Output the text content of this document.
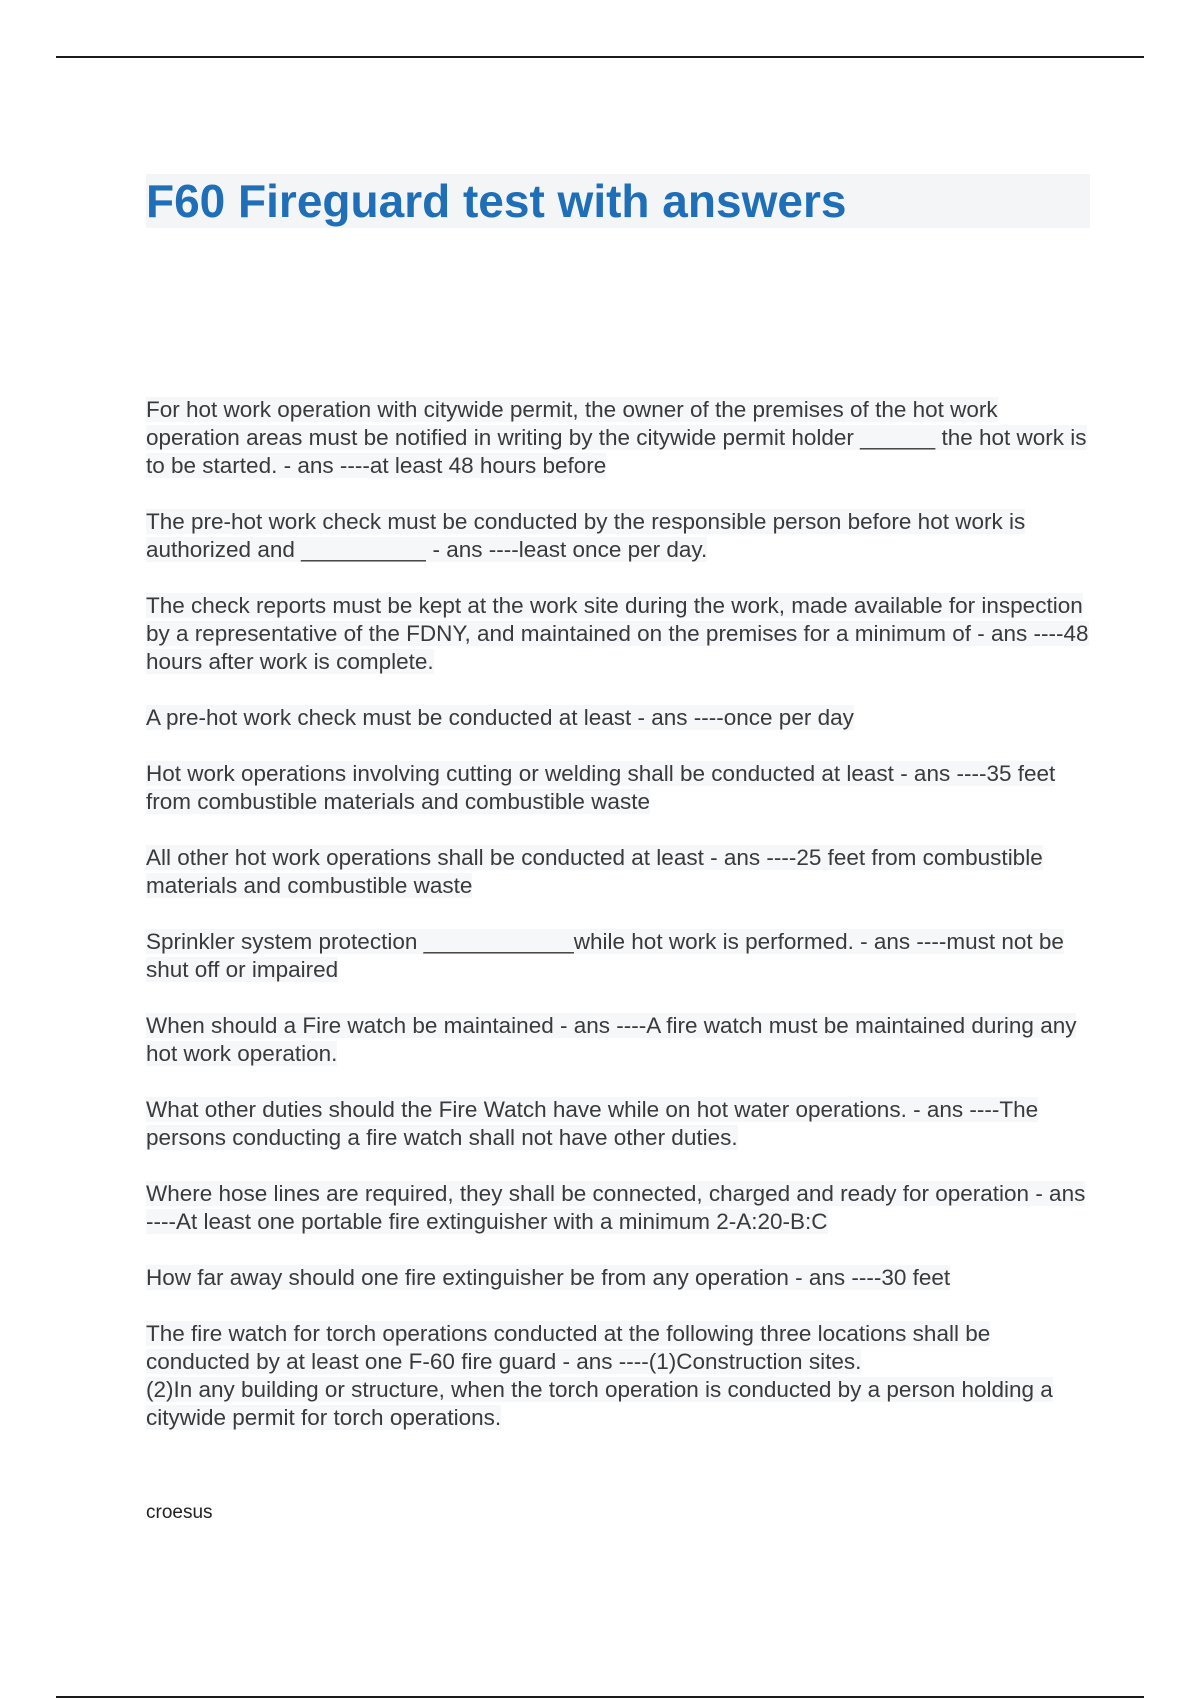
F60 Fireguard test with answers

For hot work operation with citywide permit, the owner of the premises of the hot work operation areas must be notified in writing by the citywide permit holder ______ the hot work is to be started. - ans ----at least 48 hours before

The pre-hot work check must be conducted by the responsible person before hot work is authorized and __________ - ans ----least once per day.

The check reports must be kept at the work site during the work, made available for inspection by a representative of the FDNY, and maintained on the premises for a minimum of - ans ----48 hours after work is complete.

A pre-hot work check must be conducted at least - ans ----once per day

Hot work operations involving cutting or welding shall be conducted at least - ans ----35 feet from combustible materials and combustible waste

All other hot work operations shall be conducted at least - ans ----25 feet from combustible materials and combustible waste

Sprinkler system protection ____________while hot work is performed. - ans ----must not be shut off or impaired

When should a Fire watch be maintained - ans ----A fire watch must be maintained during any hot work operation.

What other duties should the Fire Watch have while on hot water operations. - ans ----The persons conducting a fire watch shall not have other duties.

Where hose lines are required, they shall be connected, charged and ready for operation - ans ----At least one portable fire extinguisher with a minimum 2-A:20-B:C

How far away should one fire extinguisher be from any operation - ans ----30 feet

The fire watch for torch operations conducted at the following three locations shall be conducted by at least one F-60 fire guard - ans ----(1)Construction sites.
(2)In any building or structure, when the torch operation is conducted by a person holding a citywide permit for torch operations.

croesus
